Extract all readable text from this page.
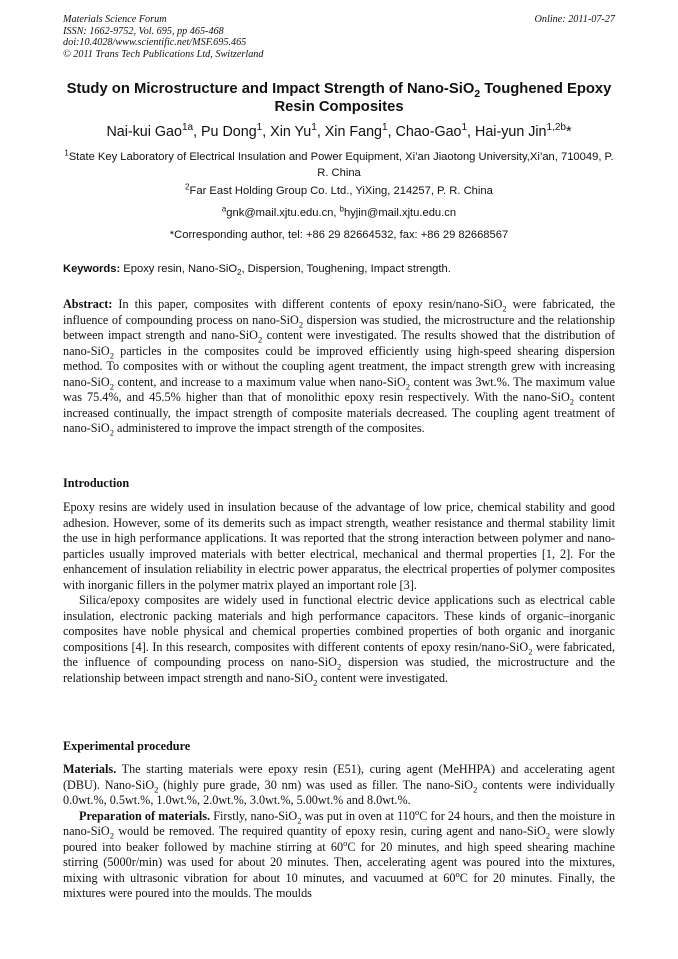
Materials Science Forum
ISSN: 1662-9752, Vol. 695, pp 465-468
doi:10.4028/www.scientific.net/MSF.695.465
© 2011 Trans Tech Publications Ltd, Switzerland
Online: 2011-07-27
Study on Microstructure and Impact Strength of Nano-SiO$_2$ Toughened Epoxy Resin Composites
Nai-kui Gao$^{1a}$, Pu Dong$^1$, Xin Yu$^1$, Xin Fang$^1$, Chao-Gao$^1$, Hai-yun Jin$^{1,2b}$*
$^1$State Key Laboratory of Electrical Insulation and Power Equipment, Xi’an Jiaotong University,Xi’an, 710049, P. R. China
$^2$Far East Holding Group Co. Ltd., YiXing, 214257, P. R. China
$^a$gnk@mail.xjtu.edu.cn, $^b$hyjin@mail.xjtu.edu.cn
*Corresponding author, tel: +86 29 82664532, fax: +86 29 82668567
Keywords: Epoxy resin, Nano-SiO$_2$, Dispersion, Toughening, Impact strength.
Abstract: In this paper, composites with different contents of epoxy resin/nano-SiO$_2$ were fabricated, the influence of compounding process on nano-SiO$_2$ dispersion was studied, the microstructure and the relationship between impact strength and nano-SiO$_2$ content were investigated. The results showed that the distribution of nano-SiO$_2$ particles in the composites could be improved efficiently using high-speed shearing dispersion method. To composites with or without the coupling agent treatment, the impact strength grew with increasing nano-SiO$_2$ content, and increase to a maximum value when nano-SiO$_2$ content was 3wt.%. The maximum value was 75.4%, and 45.5% higher than that of monolithic epoxy resin respectively. With the nano-SiO$_2$ content increased continually, the impact strength of composite materials decreased. The coupling agent treatment of nano-SiO$_2$ administered to improve the impact strength of the composites.
Introduction

Epoxy resins are widely used in insulation because of the advantage of low price, chemical stability and good adhesion. However, some of its demerits such as impact strength, weather resistance and thermal stability limit the use in high performance applications. It was reported that the strong interaction between polymer and nano-particles usually improved materials with better electrical, mechanical and thermal properties [1, 2]. For the enhancement of insulation reliability in electric power apparatus, the electrical properties of polymer composites with inorganic fillers in the polymer matrix played an important role [3].

Silica/epoxy composites are widely used in functional electric device applications such as electrical cable insulation, electronic packing materials and high performance capacitors. These kinds of organic–inorganic composites have noble physical and chemical properties combined properties of both organic and inorganic compositions [4]. In this research, composites with different contents of epoxy resin/nano-SiO$_2$ were fabricated, the influence of compounding process on nano-SiO$_2$ dispersion was studied, the microstructure and the relationship between impact strength and nano-SiO$_2$ content were investigated.

Experimental procedure

Materials. The starting materials were epoxy resin (E51), curing agent (MeHHPA) and accelerating agent (DBU). Nano-SiO$_2$ (highly pure grade, 30 nm) was used as filler. The nano-SiO$_2$ contents were individually 0.0wt.%, 0.5wt.%, 1.0wt.%, 2.0wt.%, 3.0wt.%, 5.00wt.% and 8.0wt.%.

Preparation of materials. Firstly, nano-SiO$_2$ was put in oven at 110$^o$C for 24 hours, and then the moisture in nano-SiO$_2$ would be removed. The required quantity of epoxy resin, curing agent and nano-SiO$_2$ were slowly poured into beaker followed by machine stirring at 60$^o$C for 20 minutes, and high speed shearing machine stirring (5000r/min) was used for about 20 minutes. Then, accelerating agent was poured into the mixtures, mixing with ultrasonic vibration for about 10 minutes, and vacuumed at 60$^o$C for 20 minutes. Finally, the mixtures were poured into the moulds. The moulds
